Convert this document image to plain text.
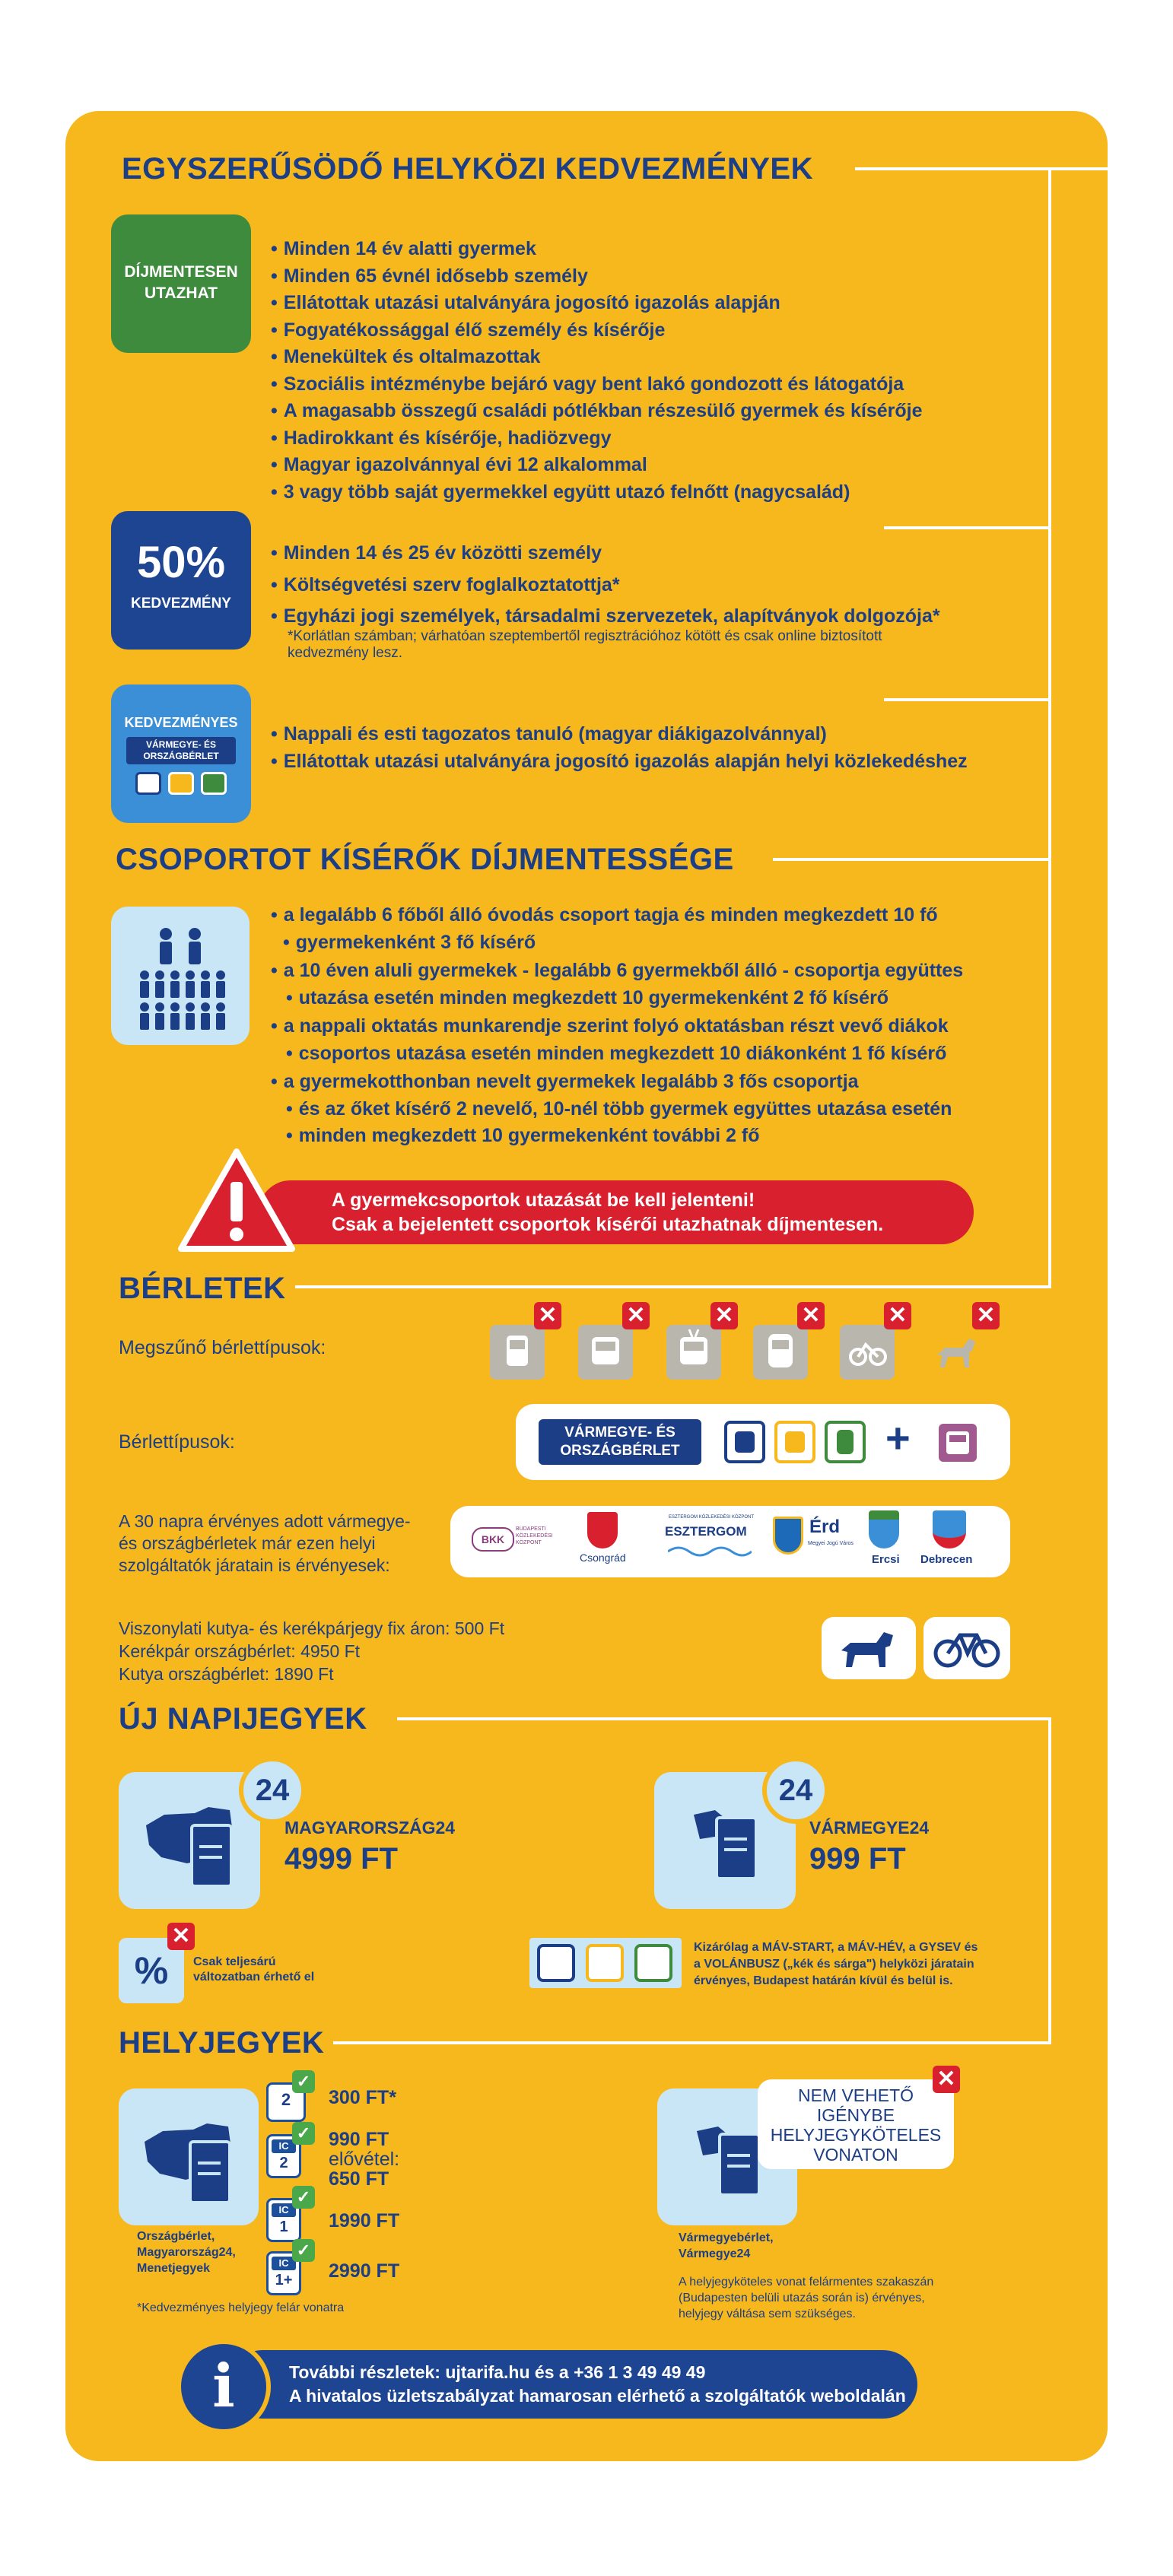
EGYSZERŰSÖDŐ HELYKÖZI KEDVEZMÉNYEK
DÍJMENTESEN
UTAZHAT
• Minden 14 év alatti gyermek
• Minden 65 évnél idősebb személy
• Ellátottak utazási utalványára jogosító igazolás alapján
• Fogyatékossággal élő személy és kísérője
• Menekültek és oltalmazottak
• Szociális intézménybe bejáró vagy bent lakó gondozott és látogatója
• A magasabb összegű családi pótlékban részesülő gyermek és kísérője
• Hadirokkant és kísérője, hadiözvegy
• Magyar igazolvánnyal évi 12 alkalommal
• 3 vagy több saját gyermekkel együtt utazó felnőtt (nagycsalád)
50%
KEDVEZMÉNY
• Minden 14 és 25 év közötti személy
• Költségvetési szerv foglalkoztatottja*
• Egyházi jogi személyek, társadalmi szervezetek, alapítványok dolgozója*
*Korlátlan számban; várhatóan szeptembertől regisztrációhoz kötött és csak online biztosított kedvezmény lesz.
KEDVEZMÉNYES
VÁRMEGYE- ÉS
ORSZÁGBÉRLET
• Nappali és esti tagozatos tanuló (magyar diákigazolvánnyal)
• Ellátottak utazási utalványára jogosító igazolás alapján helyi közlekedéshez
CSOPORTOT KÍSÉRŐK DÍJMENTESSÉGE
• a legalább 6 főből álló óvodás csoport tagja és minden megkezdett 10 fő
• gyermekenként 3 fő kísérő
• a 10 éven aluli gyermekek - legalább 6 gyermekből álló - csoportja együttes
• utazása esetén minden megkezdett 10 gyermekenként 2 fő kísérő
• a nappali oktatás munkarendje szerint folyó oktatásban részt vevő diákok
• csoportos utazása esetén minden megkezdett 10 diákonként 1 fő kísérő
• a gyermekotthonban nevelt gyermekek legalább 3 fős csoportja
• és az őket kísérő 2 nevelő, 10-nél több gyermek együttes utazása esetén
• minden megkezdett 10 gyermekenként további 2 fő
A gyermekcsoportok utazását be kell jelenteni!
Csak a bejelentett csoportok kísérői utazhatnak díjmentesen.
BÉRLETEK
Megszűnő bérlettípusok:
✕	✕	✕	✕	✕	✕
Bérlettípusok:	VÁRMEGYE- ÉS
ORSZÁGBÉRLET	+
A 30 napra érvényes adott vármegye-
és országbérletek már ezen helyi
szolgáltatók járatain is érvényesek:
BKK
BUDAPESTI KÖZLEKEDÉSI KÖZPONT
Csongrád
ESZTERGOM KÖZLEKEDÉSI KÖZPONT
ESZTERGOM	Érd
Megyei Jogú Város
Ercsi Debrecen
Viszonylati kutya- és kerékpárjegy fix áron: 500 Ft
Kerékpár országbérlet: 4950 Ft
Kutya országbérlet: 1890 Ft
ÚJ NAPIJEGYEK
24
MAGYARORSZÁG24
4999 FT
24
VÁRMEGYE24
999 FT
%
✕
Csak teljesárú
változatban érhető el
Kizárólag a MÁV-START, a MÁV-HÉV, a GYSEV és
a VOLÁNBUSZ („kék és sárga") helyközi járatain
érvényes, Budapest határán kívül és belül is.
HELYJEGYEK
Országbérlet,
Magyarország24,
Menetjegyek
2
✓
300 FT*
IC
2
✓ 990 FT
elővétel:
650 FT
IC
1
✓
1990 FT
IC
1+
✓
2990 FT
*Kedvezményes helyjegy felár vonatra
NEM VEHETŐ
IGÉNYBE
HELYJEGYKÖTELES
VONATON
✕
Vármegyebérlet,
Vármegye24
A helyjegyköteles vonat felármentes szakaszán
(Budapesten belüli utazás során is) érvényes,
helyjegy váltása sem szükséges.
További részletek: ujtarifa.hu és a +36 1 3 49 49 49
A hivatalos üzletszabályzat hamarosan elérhető a szolgáltatók weboldalán
i
